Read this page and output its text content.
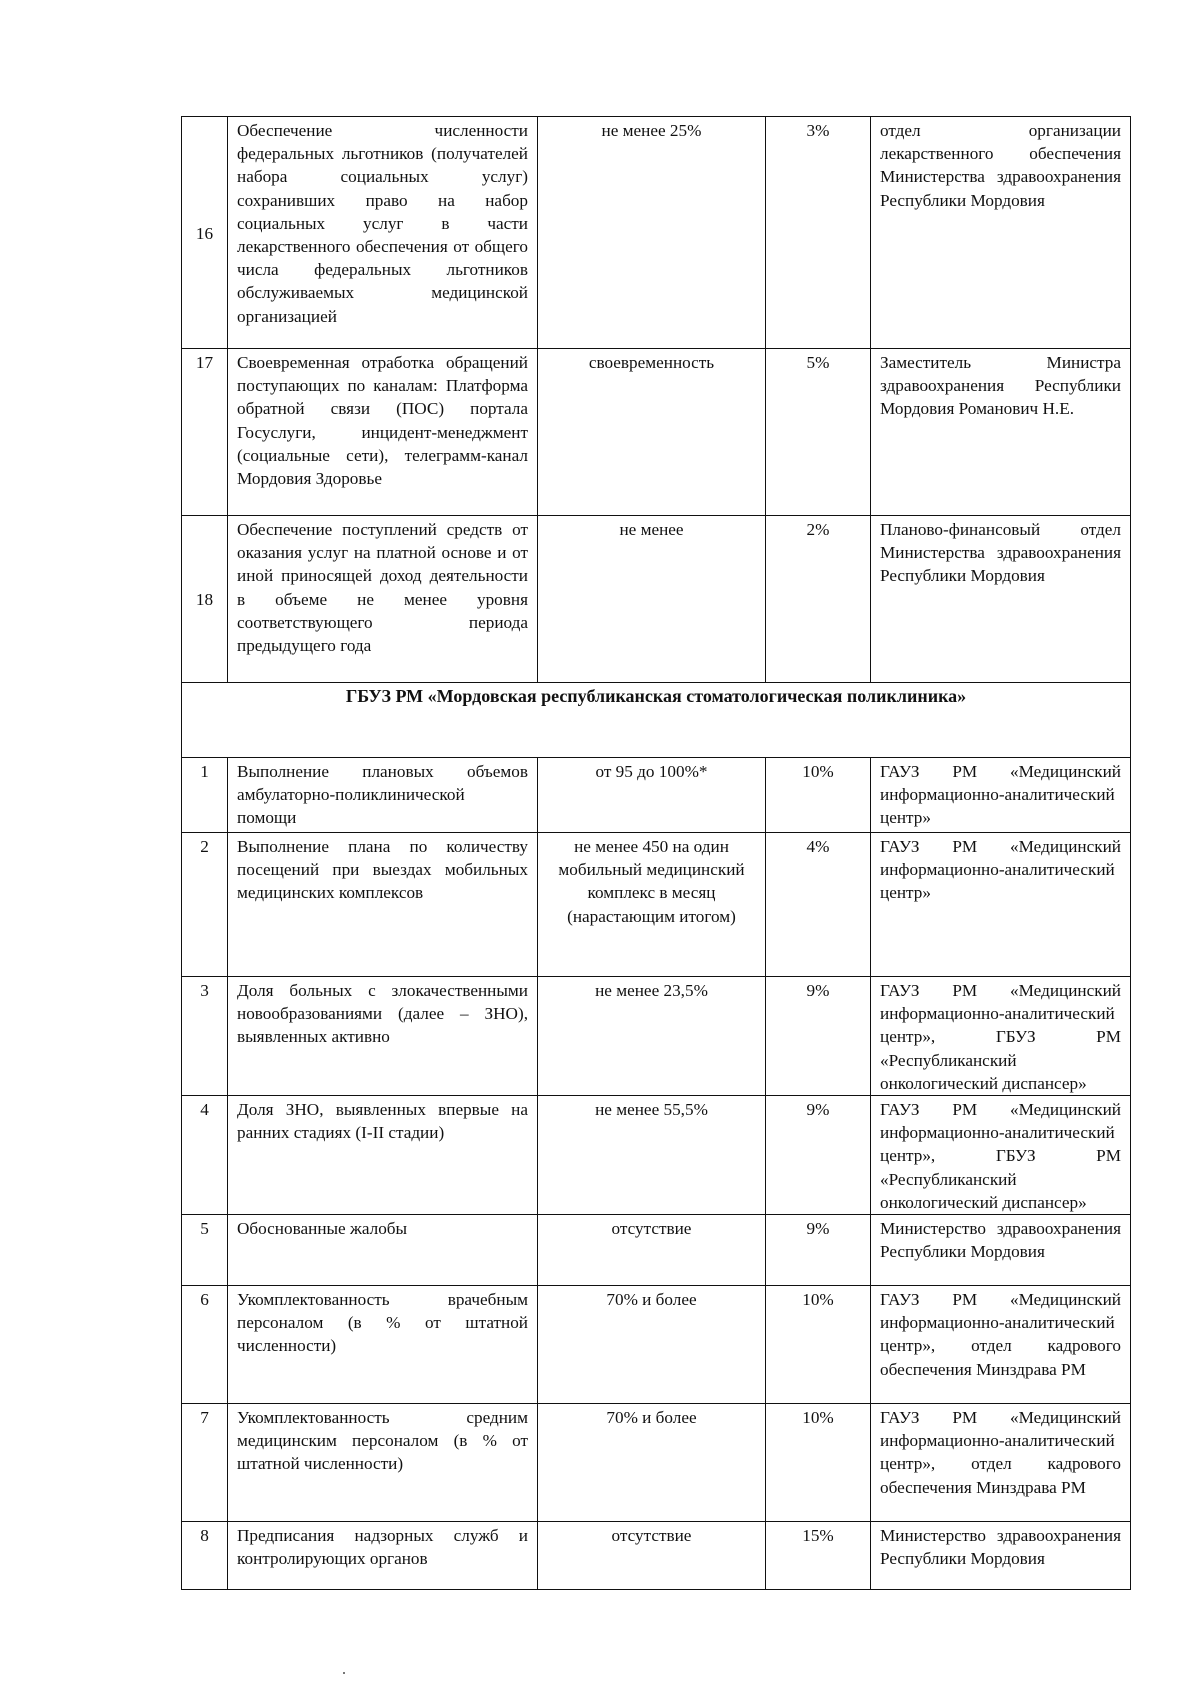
16	Обеспечение численности федеральных льготников (получателей набора социальных услуг) сохранивших право на набор социальных услуг в части лекарственного обеспечения от общего числа федеральных льготников обслуживаемых медицинской организацией	не менее 25%	3%	отдел организации лекарственного обеспечения Министерства здравоохранения Республики Мордовия
17	Своевременная отработка обращений поступающих по каналам: Платформа обратной связи (ПОС) портала Госуслуги, инцидент-менеджмент (социальные сети), телеграмм-канал Мордовия Здоровье	своевременность	5%	Заместитель Министра здравоохранения Республики Мордовия Романович Н.Е.
18	Обеспечение поступлений средств от оказания услуг на платной основе и от иной приносящей доход деятельности в объеме не менее уровня соответствующего периода предыдущего года	не менее	2%	Планово-финансовый отдел Министерства здравоохранения Республики Мордовия
ГБУЗ РМ «Мордовская республиканская стоматологическая поликлиника»				
1	Выполнение плановых объемов амбулаторно-поликлинической помощи	от 95 до 100%*	10%	ГАУЗ РМ «Медицинский информационно-аналитический центр»
2	Выполнение плана по количеству посещений при выездах мобильных медицинских комплексов	не менее 450 на один мобильный медицинский комплекс в месяц (нарастающим итогом)	4%	ГАУЗ РМ «Медицинский информационно-аналитический центр»
3	Доля больных с злокачественными новообразованиями (далее – ЗНО), выявленных активно	не менее 23,5%	9%	ГАУЗ РМ «Медицинский информационно-аналитический центр», ГБУЗ РМ «Республиканский онкологический диспансер»
4	Доля ЗНО, выявленных впервые на ранних стадиях (I-II стадии)	не менее 55,5%	9%	ГАУЗ РМ «Медицинский информационно-аналитический центр», ГБУЗ РМ «Республиканский онкологический диспансер»
5	Обоснованные жалобы	отсутствие	9%	Министерство здравоохранения Республики Мордовия
6	Укомплектованность врачебным персоналом (в % от штатной численности)	70% и более	10%	ГАУЗ РМ «Медицинский информационно-аналитический центр», отдел кадрового обеспечения Минздрава РМ
7	Укомплектованность средним медицинским персоналом (в % от штатной численности)	70% и более	10%	ГАУЗ РМ «Медицинский информационно-аналитический центр», отдел кадрового обеспечения Минздрава РМ
8	Предписания надзорных служб и контролирующих органов	отсутствие	15%	Министерство здравоохранения Республики Мордовия
